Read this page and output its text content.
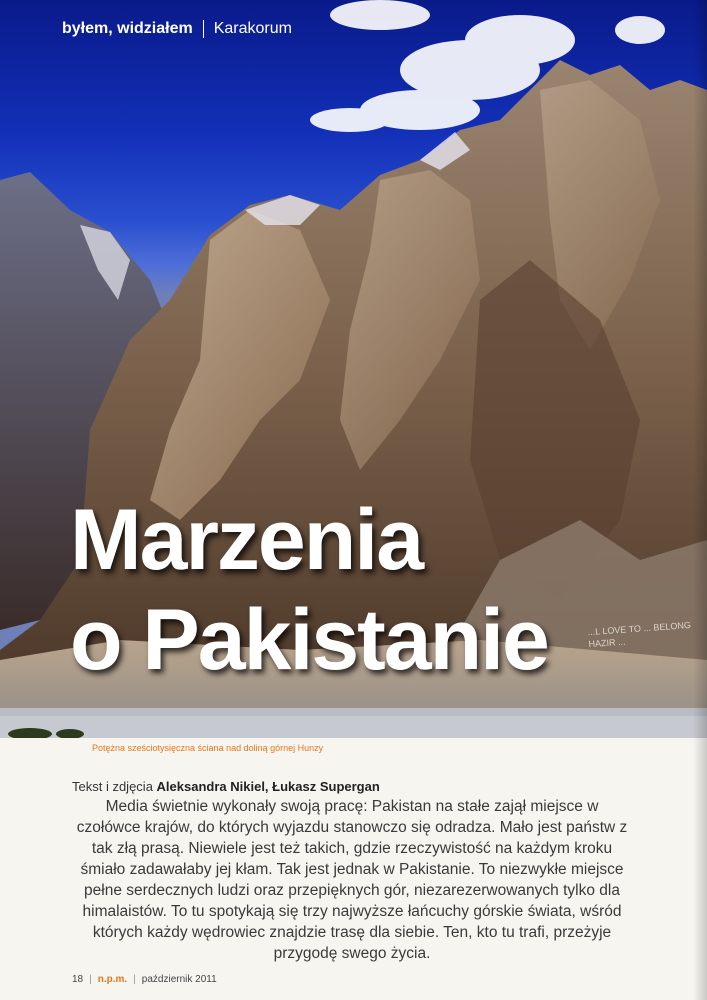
byłem, widziałem Karakorum
Marzenia
o Pakistanie	...L LOVE TO ... BELONG HAZIR ...
Potężna sześciotysięczna ściana nad doliną górnej Hunzy
Tekst i zdjęcia Aleksandra Nikiel, Łukasz Supergan

Media świetnie wykonały swoją pracę: Pakistan na stałe zajął miejsce w czołówce krajów, do których wyjazdu stanowczo się odradza. Mało jest państw z tak złą prasą. Niewiele jest też takich, gdzie rzeczywistość na każdym kroku śmiało zadawałaby jej kłam. Tak jest jednak w Pakistanie. To niezwykłe miejsce pełne serdecznych ludzi oraz przepięknych gór, niezarezerwowanych tylko dla himalaistów. To tu spotykają się trzy najwyższe łańcuchy górskie świata, wśród których każdy wędrowiec znajdzie trasę dla siebie. Ten, kto tu trafi, przeżyje przygodę swego życia.

18 | n.p.m. | październik 2011
